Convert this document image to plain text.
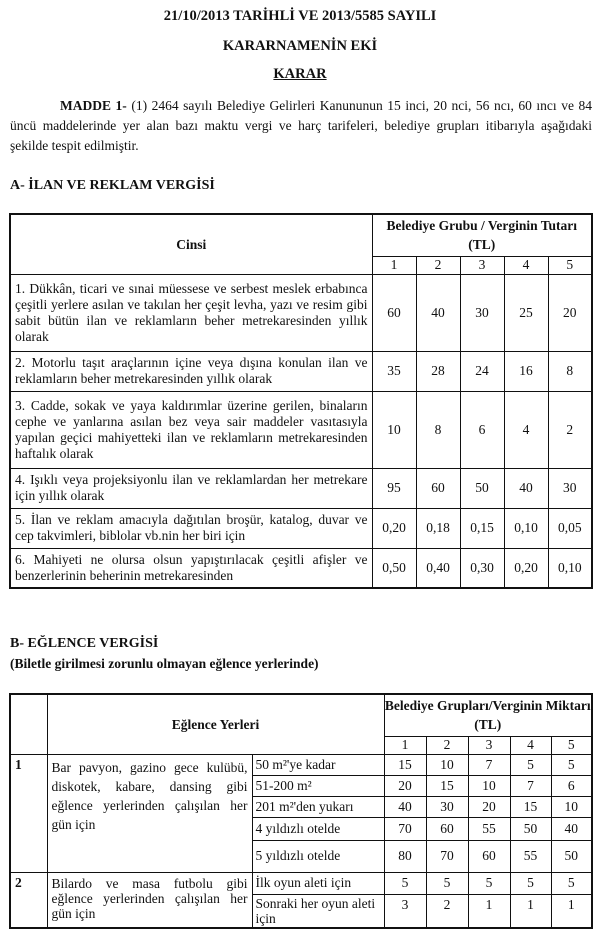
21/10/2013 TARİHLİ VE 2013/5585 SAYILI
KARARNAMENİN EKİ
KARAR
MADDE 1- (1) 2464 sayılı Belediye Gelirleri Kanununun 15 inci, 20 nci, 56 ncı, 60 ıncı ve 84 üncü maddelerinde yer alan bazı maktu vergi ve harç tarifeleri, belediye grupları itibarıyla aşağıdaki şekilde tespit edilmiştir.
A- İLAN VE REKLAM VERGİSİ
Cinsi	Belediye Grubu / Verginin Tutarı (TL)				
	1	2	3	4	5
1. Dükkân, ticari ve sınai müessese ve serbest meslek erbabınca çeşitli yerlere asılan ve takılan her çeşit levha, yazı ve resim gibi sabit bütün ilan ve reklamların beher metrekaresinden yıllık olarak	60	40	30	25	20
2. Motorlu taşıt araçlarının içine veya dışına konulan ilan ve reklamların beher metrekaresinden yıllık olarak	35	28	24	16	8
3. Cadde, sokak ve yaya kaldırımlar üzerine gerilen, binaların cephe ve yanlarına asılan bez veya sair maddeler vasıtasıyla yapılan geçici mahiyetteki ilan ve reklamların metrekaresinden haftalık olarak	10	8	6	4	2
4. Işıklı veya projeksiyonlu ilan ve reklamlardan her metrekare için yıllık olarak	95	60	50	40	30
5. İlan ve reklam amacıyla dağıtılan broşür, katalog, duvar ve cep takvimleri, biblolar vb.nin her biri için	0,20	0,18	0,15	0,10	0,05
6. Mahiyeti ne olursa olsun yapıştırılacak çeşitli afişler ve benzerlerinin beherinin metrekaresinden	0,50	0,40	0,30	0,20	0,10
B- EĞLENCE VERGİSİ
(Biletle girilmesi zorunlu olmayan eğlence yerlerinde)
	Eğlence Yerleri		Belediye Grupları/Verginin Miktarı (TL)				
			1	2	3	4	5
1	Bar pavyon, gazino gece kulübü, diskotek, kabare, dansing gibi eğlence yerlerinden çalışılan her gün için	50 m²'ye kadar	15	10	7	5	5
		51-200 m²	20	15	10	7	6
		201 m²'den yukarı	40	30	20	15	10
		4 yıldızlı otelde	70	60	55	50	40
		5 yıldızlı otelde	80	70	60	55	50
2	Bilardo ve masa futbolu gibi eğlence yerlerinden çalışılan her gün için	İlk oyun aleti için	5	5	5	5	5
		Sonraki her oyun aleti için	3	2	1	1	1
